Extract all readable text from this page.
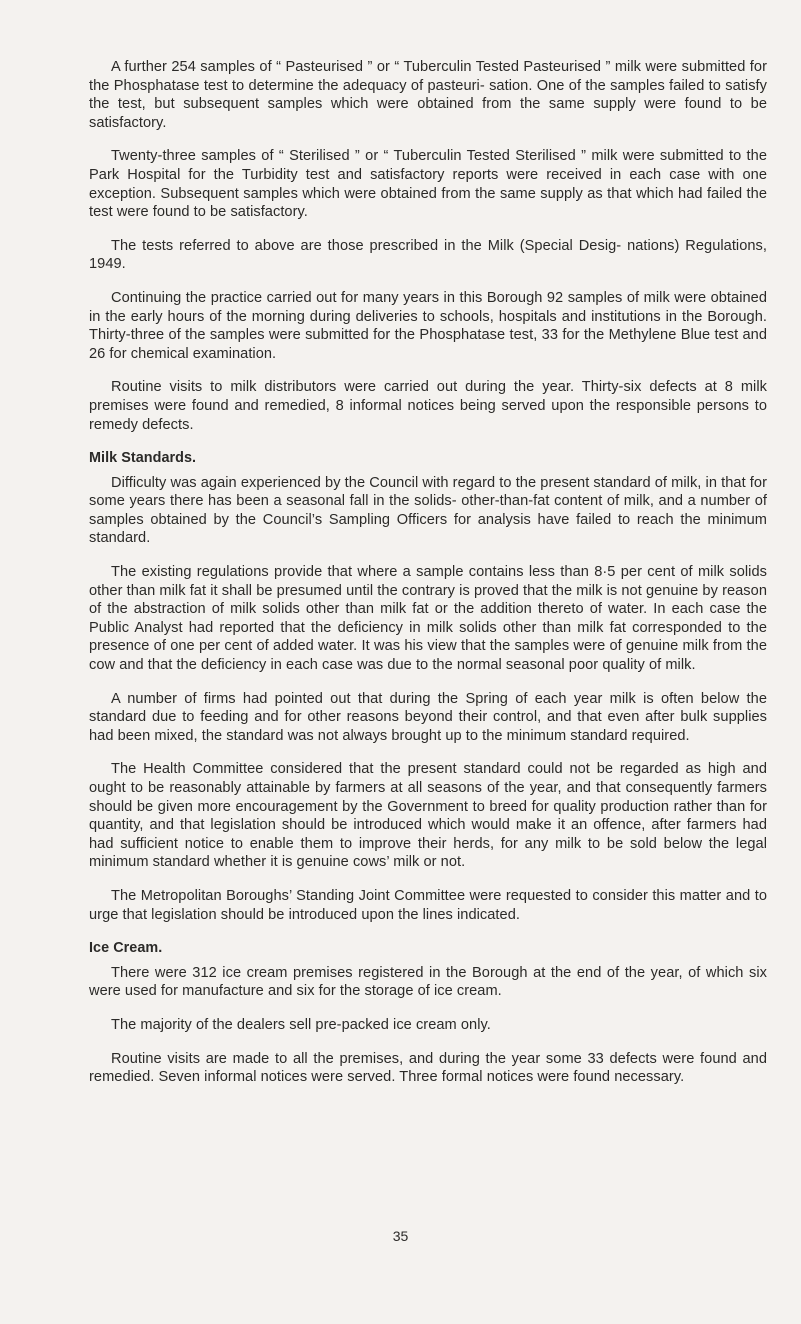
A further 254 samples of “ Pasteurised ” or “ Tuberculin Tested Pasteurised ” milk were submitted for the Phosphatase test to determine the adequacy of pasteuri- sation. One of the samples failed to satisfy the test, but subsequent samples which were obtained from the same supply were found to be satisfactory.

Twenty-three samples of “ Sterilised ” or “ Tuberculin Tested Sterilised ” milk were submitted to the Park Hospital for the Turbidity test and satisfactory reports were received in each case with one exception. Subsequent samples which were obtained from the same supply as that which had failed the test were found to be satisfactory.

The tests referred to above are those prescribed in the Milk (Special Desig- nations) Regulations, 1949.

Continuing the practice carried out for many years in this Borough 92 samples of milk were obtained in the early hours of the morning during deliveries to schools, hospitals and institutions in the Borough. Thirty-three of the samples were submitted for the Phosphatase test, 33 for the Methylene Blue test and 26 for chemical examination.

Routine visits to milk distributors were carried out during the year. Thirty-six defects at 8 milk premises were found and remedied, 8 informal notices being served upon the responsible persons to remedy defects.

Milk Standards.

Difficulty was again experienced by the Council with regard to the present standard of milk, in that for some years there has been a seasonal fall in the solids- other-than-fat content of milk, and a number of samples obtained by the Council’s Sampling Officers for analysis have failed to reach the minimum standard.

The existing regulations provide that where a sample contains less than 8·5 per cent of milk solids other than milk fat it shall be presumed until the contrary is proved that the milk is not genuine by reason of the abstraction of milk solids other than milk fat or the addition thereto of water. In each case the Public Analyst had reported that the deficiency in milk solids other than milk fat corresponded to the presence of one per cent of added water. It was his view that the samples were of genuine milk from the cow and that the deficiency in each case was due to the normal seasonal poor quality of milk.

A number of firms had pointed out that during the Spring of each year milk is often below the standard due to feeding and for other reasons beyond their control, and that even after bulk supplies had been mixed, the standard was not always brought up to the minimum standard required.

The Health Committee considered that the present standard could not be regarded as high and ought to be reasonably attainable by farmers at all seasons of the year, and that consequently farmers should be given more encouragement by the Government to breed for quality production rather than for quantity, and that legislation should be introduced which would make it an offence, after farmers had had sufficient notice to enable them to improve their herds, for any milk to be sold below the legal minimum standard whether it is genuine cows’ milk or not.

The Metropolitan Boroughs’ Standing Joint Committee were requested to consider this matter and to urge that legislation should be introduced upon the lines indicated.

Ice Cream.

There were 312 ice cream premises registered in the Borough at the end of the year, of which six were used for manufacture and six for the storage of ice cream.

The majority of the dealers sell pre-packed ice cream only.

Routine visits are made to all the premises, and during the year some 33 defects were found and remedied. Seven informal notices were served. Three formal notices were found necessary.

35
